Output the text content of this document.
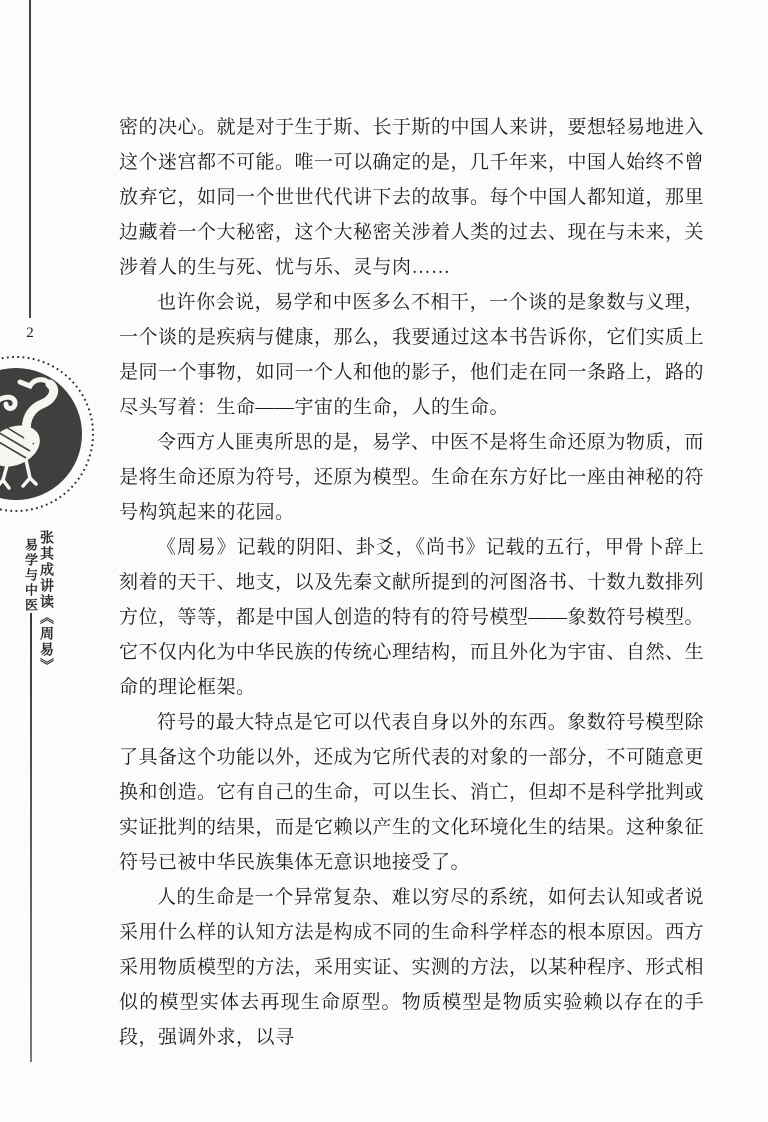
2
张其成讲读《周易》
易学与中医

密的决心。就是对于生于斯、长于斯的中国人来讲，要想轻易地进入这个迷宫都不可能。唯一可以确定的是，几千年来，中国人始终不曾放弃它，如同一个世世代代讲下去的故事。每个中国人都知道，那里边藏着一个大秘密，这个大秘密关涉着人类的过去、现在与未来，关涉着人的生与死、忧与乐、灵与肉……

也许你会说，易学和中医多么不相干，一个谈的是象数与义理，一个谈的是疾病与健康，那么，我要通过这本书告诉你，它们实质上是同一个事物，如同一个人和他的影子，他们走在同一条路上，路的尽头写着：生命——宇宙的生命，人的生命。

令西方人匪夷所思的是，易学、中医不是将生命还原为物质，而是将生命还原为符号，还原为模型。生命在东方好比一座由神秘的符号构筑起来的花园。

《周易》记载的阴阳、卦爻，《尚书》记载的五行，甲骨卜辞上刻着的天干、地支，以及先秦文献所提到的河图洛书、十数九数排列方位，等等，都是中国人创造的特有的符号模型——象数符号模型。它不仅内化为中华民族的传统心理结构，而且外化为宇宙、自然、生命的理论框架。

符号的最大特点是它可以代表自身以外的东西。象数符号模型除了具备这个功能以外，还成为它所代表的对象的一部分，不可随意更换和创造。它有自己的生命，可以生长、消亡，但却不是科学批判或实证批判的结果，而是它赖以产生的文化环境化生的结果。这种象征符号已被中华民族集体无意识地接受了。

人的生命是一个异常复杂、难以穷尽的系统，如何去认知或者说采用什么样的认知方法是构成不同的生命科学样态的根本原因。西方采用物质模型的方法，采用实证、实测的方法，以某种程序、形式相似的模型实体去再现生命原型。物质模型是物质实验赖以存在的手段，强调外求，以寻
